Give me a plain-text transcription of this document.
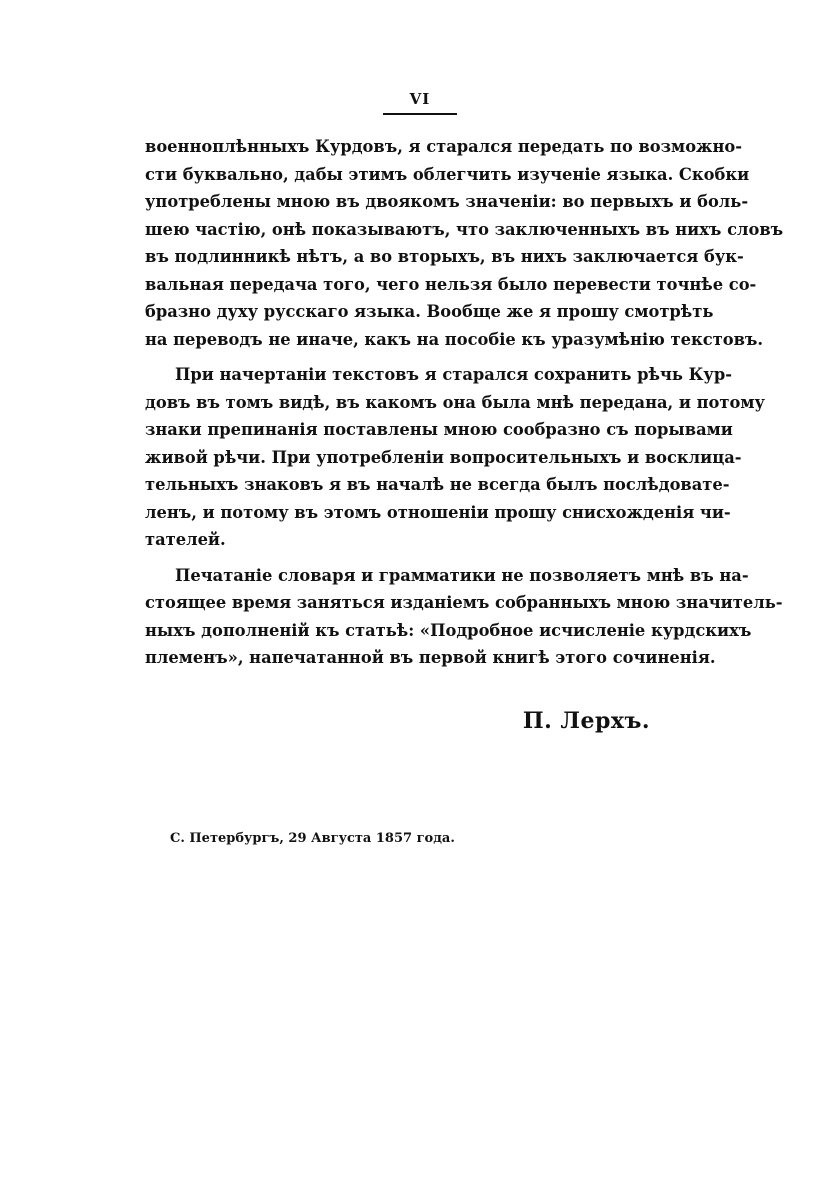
VI
военноплѣнныхъ Курдовъ, я старался передать по возможно-
сти буквально, дабы этимъ облегчить изученіе языка. Скобки
употреблены мною въ двоякомъ значеніи: во первыхъ и боль-
шею частію, онѣ показываютъ, что заключенныхъ въ нихъ словъ
въ подлинникѣ нѣтъ, а во вторыхъ, въ нихъ заключается бук-
вальная передача того, чего нельзя было перевести точнѣе со-
бразно духу русскаго языка. Вообще же я прошу смотрѣть
на переводъ не иначе, какъ на пособіе къ уразумѣнію текстовъ.
При начертаніи текстовъ я старался сохранить рѣчь Кур-
довъ въ томъ видѣ, въ какомъ она была мнѣ передана, и потому
знаки препинанія поставлены мною сообразно съ порывами
живой рѣчи. При употребленіи вопросительныхъ и восклица-
тельныхъ знаковъ я въ началѣ не всегда былъ послѣдовате-
ленъ, и потому въ этомъ отношеніи прошу снисхожденія чи-
тателей.
Печатаніе словаря и грамматики не позволяетъ мнѣ въ на-
стоящее время заняться изданіемъ собранныхъ мною значитель-
ныхъ дополненій къ статьѣ: «Подробное исчисленіе курдскихъ
племенъ», напечатанной въ первой книгѣ этого сочиненія.
П. Лерхъ.
С. Петербургъ, 29 Августа 1857 года.
